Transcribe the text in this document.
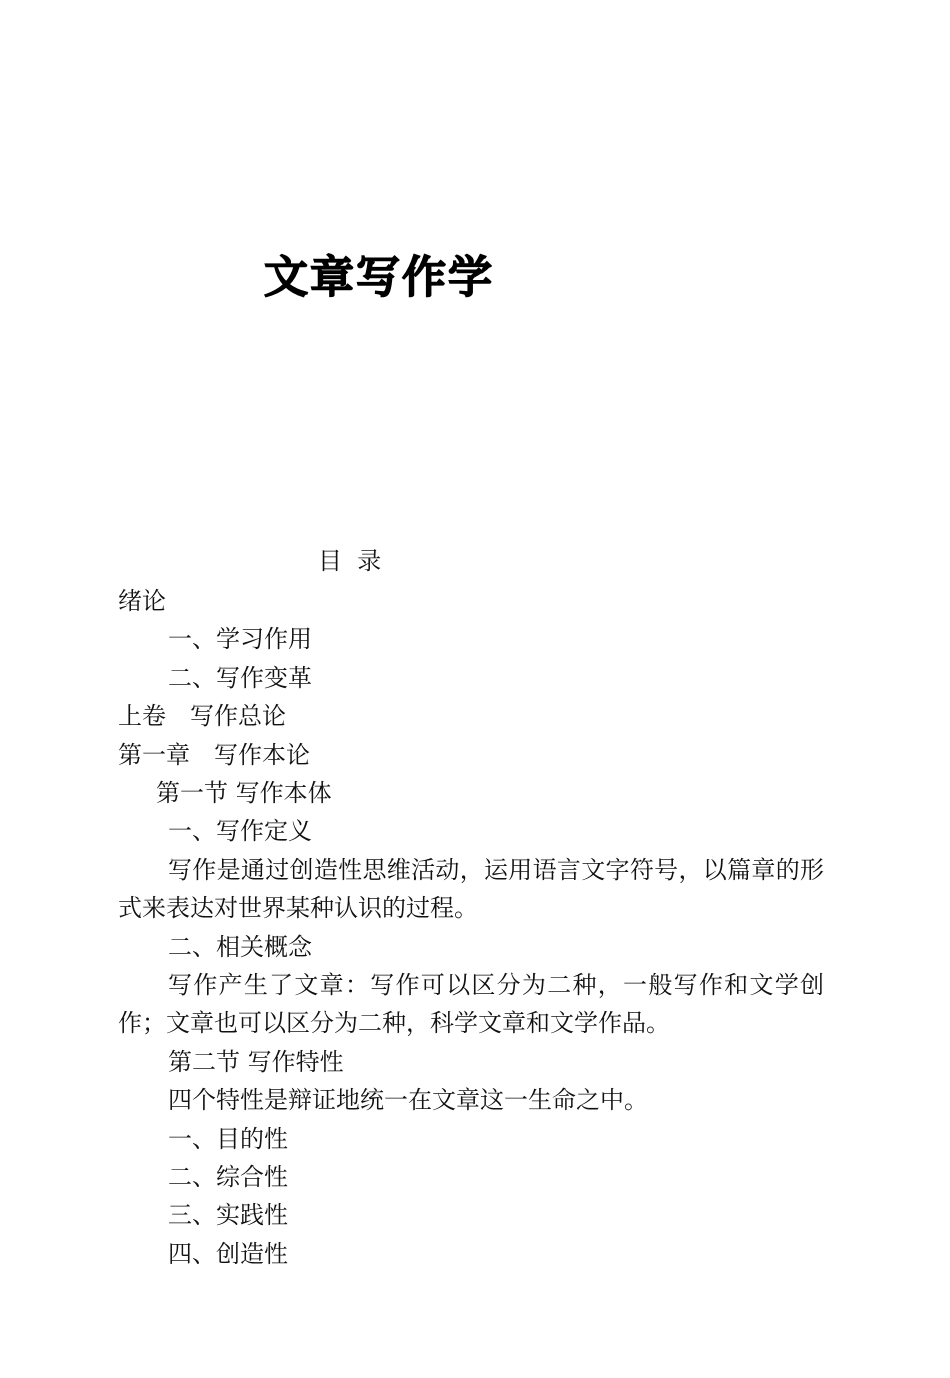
文章写作学
目  录
绪论
一、学习作用
二、写作变革
上卷　写作总论
第一章　写作本论
第一节 写作本体
一、写作定义
写作是通过创造性思维活动，运用语言文字符号，以篇章的形式来表达对世界某种认识的过程。
二、相关概念
写作产生了文章：写作可以区分为二种，一般写作和文学创作；文章也可以区分为二种，科学文章和文学作品。
第二节 写作特性
四个特性是辩证地统一在文章这一生命之中。
一、目的性
二、综合性
三、实践性
四、创造性
